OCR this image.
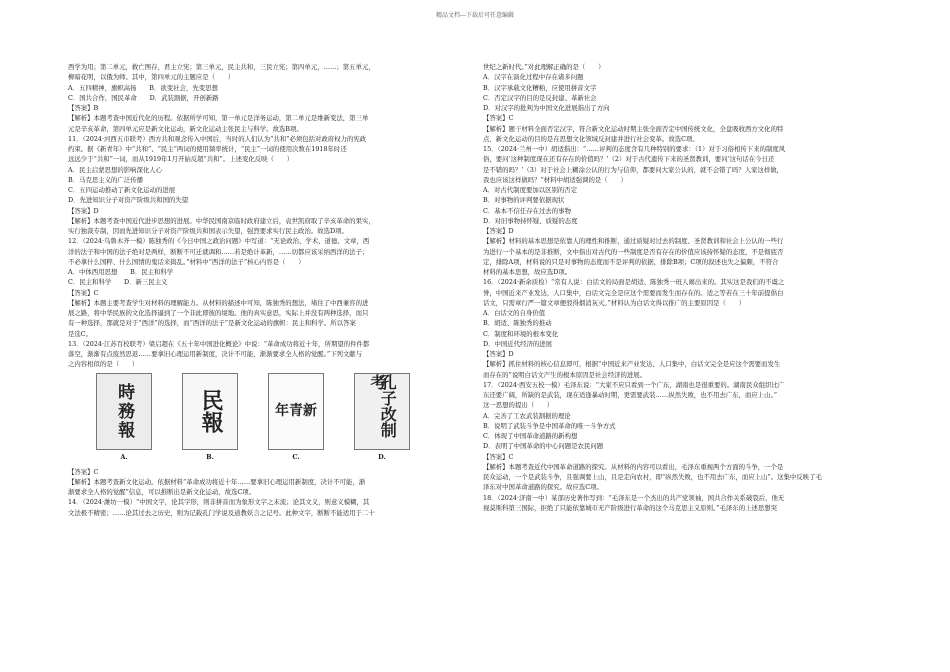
精品文档---下载后可任意编辑

西学为用；第二单元，救亡图存，君主立宪；第三单元，民主共和，三民立宪；第四单元，……；第五单元，

柳暗花明，以俄为师。其中，第四单元的主题应是（　　）

A．五四精神，旗帜高扬　　B．欲变社会，先变思想

C．国共合作，国民革命　　D．武装割据，开创新路

【答案】B

【解析】本题考查中国近代化的历程。依据所学可知，第一单元是洋务运动，第二单元是维新变法，第三单

元是辛亥革命，第四单元应是新文化运动，新文化运动主张民主与科学。故选B项。

11．（2024·河西五市联考）西方共和观念传入中国后，当时的人们认为“共和”必须包括对政府权力的宪政

约束。据《新青年》中“共和”、“民主”两词的使用频率统计，“民主”一词的使用次数在1918年时还

远远少于“共和”一词，而从1919年1月开始反超“共和”。上述变化反映（　　）

A．民主启蒙思想的影响深化人心

B．马克思主义的广泛传播

C．五四运动推动了新文化运动的进展

D．先进知识分子对资产阶级共和国的失望

【答案】D

【解析】本题考查中国近代进步思想的进展。中华民国南京临时政府建立后，袁世凯窃取了辛亥革命的果实，

实行独裁专制，因而先进知识分子对资产阶级共和国表示失望，强烈要求实行民主政治。故选D项。

12．（2024·乌鲁木齐一模）陈独秀的《今日中国之政治问题》中写道：“无论政治、学术、道德、文章，西

洋的法子和中国的法子绝对是两样，断断不可迁就调和……若是绝计革新，……切都应该采纳西洋的法子；

不必拿什么国粹、什么国情的鬼话来捣乱。”材料中“西洋的法子”核心内容是（　　）

A．中体西用思想　　B．民主和科学

C．民主和科学　　D．新三民主义

【答案】C

【解析】本题主要考查学生对材料的理解能力。从材料的描述中可知，陈独秀的想法，堵住了中西兼容的进

展之路，将中华民族的文化选择逼到了一个非此即彼的境地。他的真实意思，实际上并没有两种选择，而只

有一种选择，那就是对于“西洋”的选择，而“西洋的法子”是新文化运动的旗帜：民主和科学。所以答案

是选C。

13．（2024·江苏百校联考）梁启超在《五十年中国进化概论》中说：“革命成功将近十年，所期望的件件都

落空，渐渐有点废然思返……要拿旧心理运用新制度，决计不可能，渐渐要求全人格的觉醒。”下列文献与

之内容相似的是（　　）

時務報
A.
民報
B.
年青新
C.
孔子改制考
D.

【答案】C

【解析】本题考查新文化运动。依据材料“革命成功将近十年……要拿旧心理运用新制度，决计不可能，渐

渐要求全人格的觉醒”信息，可以推断出是新文化运动，故选C项。

14．（2024·潍坊一模）“中国文字，论其字形，则非拼音而为象形文字之末流；论其文义，则意义模糊，其

文法极不精密；……论其过去之历史，则为记载孔门学说及道教妖言之记号。此种文字，断断不能适用于二十

世纪之新时代。”对此理解正确的是（　　）

A．汉字在演化过程中存在诸多问题

B．汉字承载文化糟粕，应使用拼音文字

C．否定汉字的目的是反封建、革新社会

D．对汉字的批判为中国文化进展指出了方向

【答案】C

【解析】题干材料全面否定汉字，符合新文化运动时期主张全面否定中国传统文化，全盘吸收西方文化的特

点，新文化运动的目的是在思想文化领域反封建并进行社会变革。故选C项。

15．（2024·兰州一中）胡适指出：“……评判的态度含有几种特别的要求：（1）对于习俗相传下来的制度风

俗，要问‘这种制度现在还有存在的价值吗？’（2）对于古代遗传下来的圣贤教训，要问‘这句话在今日还

是不错的吗？’（3）对于社会上糊涂公认的行为与信仰，都要问大家公认的，就不会错了吗？人家这样做，

我也应该这样做吗？”材料中胡适强调的是（　　）

A．对古代制度要加以区别的否定

B．对事物的评判要依据现状

C．基本不信任存在过去的事物

D．对旧事物持怀疑、质疑的态度

【答案】D

【解析】材料的基本思想是依靠人的理性和推断，通过质疑对过去的制度、圣贤教训和社会上公认的一些行

为进行一个基本的是非推断，文中指出对古代的一些制度是否有存在的价值应该持怀疑的态度，不是彻底否

定，排除A项，材料说的只是对事物的态度而不是评判的依据，排除B项；C项的叙述也失之偏颇，不符合

材料的基本思想，故应选D项。

16．（2024·新余质检）“常有人说：白话文的局面是胡适、陈独秀一班人闹出来的。其实这是我们的不虞之

誉，中国近来产业发达，人口集中，白话文完全是应这个需要而发生而存在的。适之等若在三十年前提倡白

话文，只需章行严一篇文章便驳得烟消灰灭。”材料认为白话文得以推广的主要原因是（　　）

A．白话文的自身价值

B．胡适、陈独秀的推动

C．制度和环境的根本变化

D．中国近代经济的进展

【答案】D

【解析】抓住材料的核心信息即可，根据“中国近来产业发达、人口集中，白话文完全是应这个需要而发生

而存在的”说明白话文产生的根本原因是社会经济的进展。

17．（2024·西安五校一模）毛泽东说：“大家不应只看到一个广东，湖南也是很重要的。湖南民众组织比广

东还要广阔，所缺的是武装，现在适逢暴动时期，更需要武装……纵然失败，也不用去广东，而应上山。”

这一思想的提出（　　）

A．完善了工农武装割据的理论

B．说明了武装斗争是中国革命的唯一斗争方式

C．体现了中国革命道路的新构想

D．表明了中国革命的中心问题是农民问题

【答案】C

【解析】本题考查近代中国革命道路的探究。从材料的内容可以看出，毛泽东重视两个方面的斗争，一个是

民众运动，一个是武装斗争，且强调要上山，且是走向农村，即“纵然失败，也不用去广东，而应上山”。这集中反映了毛

泽东对中国革命道路的探究。故应选C项。

18．（2024·济南一中）某部历史著作写到：“毛泽东是一个杰出的共产党领袖，国共合作关系破裂后，他无

视莫斯科第三国际，拒绝了只能依靠城市无产阶级进行革命的这个马克思主义原则。”毛泽东的上述思想突
